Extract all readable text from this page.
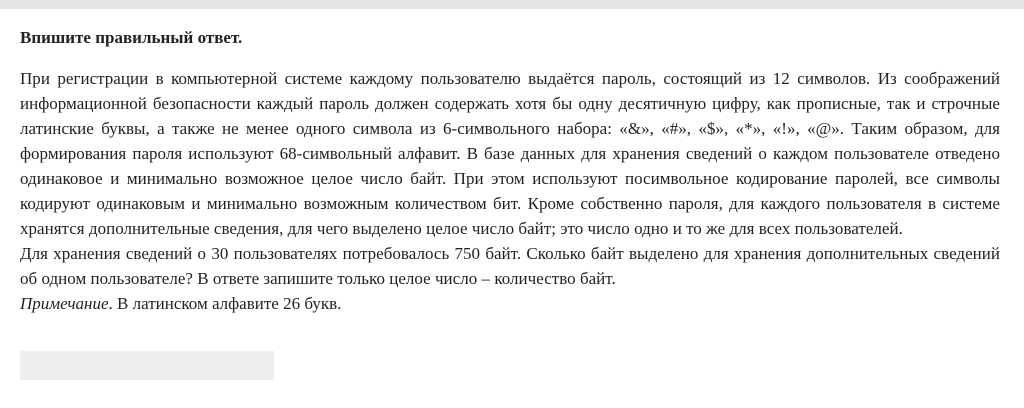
Впишите правильный ответ.

При регистрации в компьютерной системе каждому пользователю выдаётся пароль, состоящий из 12 символов. Из соображений информационной безопасности каждый пароль должен содержать хотя бы одну десятичную цифру, как прописные, так и строчные латинские буквы, а также не менее одного символа из 6-символьного набора: «&», «#», «$», «*», «!», «@». Таким образом, для формирования пароля используют 68-символьный алфавит. В базе данных для хранения сведений о каждом пользователе отведено одинаковое и минимально возможное целое число байт. При этом используют посимвольное кодирование паролей, все символы кодируют одинаковым и минимально возможным количеством бит. Кроме собственно пароля, для каждого пользователя в системе хранятся дополнительные сведения, для чего выделено целое число байт; это число одно и то же для всех пользователей.

Для хранения сведений о 30 пользователях потребовалось 750 байт. Сколько байт выделено для хранения дополнительных сведений об одном пользователе? В ответе запишите только целое число – количество байт.

Примечание. В латинском алфавите 26 букв.
